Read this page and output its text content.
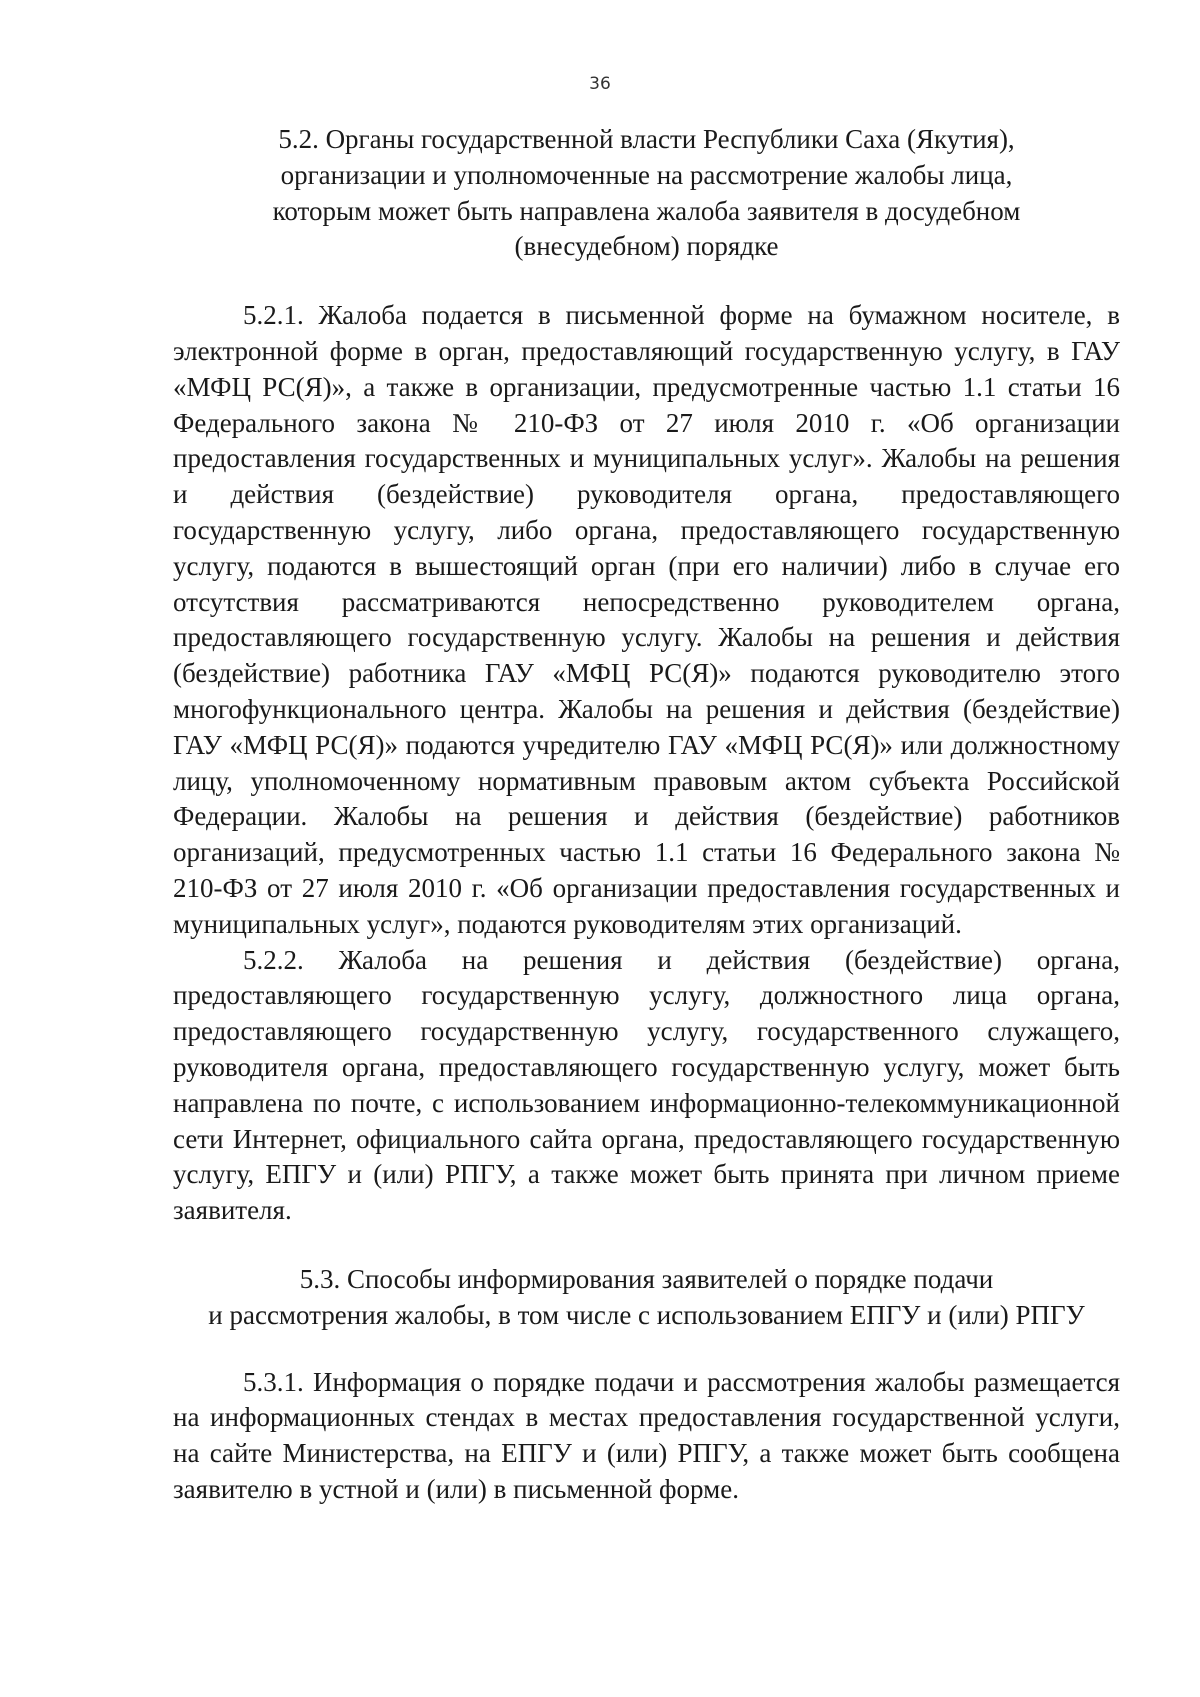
36
5.2. Органы государственной власти Республики Саха (Якутия),
организации и уполномоченные на рассмотрение жалобы лица,
которым может быть направлена жалоба заявителя в досудебном
(внесудебном) порядке

5.2.1. Жалоба подается в письменной форме на бумажном носителе, в электронной форме в орган, предоставляющий государственную услугу, в ГАУ «МФЦ РС(Я)», а также в организации, предусмотренные частью 1.1 статьи 16 Федерального закона № 210-ФЗ от 27 июля 2010 г. «Об организации предоставления государственных и муниципальных услуг». Жалобы на решения и действия (бездействие) руководителя органа, предоставляющего государственную услугу, либо органа, предоставляющего государственную услугу, подаются в вышестоящий орган (при его наличии) либо в случае его отсутствия рассматриваются непосредственно руководителем органа, предоставляющего государственную услугу. Жалобы на решения и действия (бездействие) работника ГАУ «МФЦ РС(Я)» подаются руководителю этого многофункционального центра. Жалобы на решения и действия (бездействие) ГАУ «МФЦ РС(Я)» подаются учредителю ГАУ «МФЦ РС(Я)» или должностному лицу, уполномоченному нормативным правовым актом субъекта Российской Федерации. Жалобы на решения и действия (бездействие) работников организаций, предусмотренных частью 1.1 статьи 16 Федерального закона № 210-ФЗ от 27 июля 2010 г. «Об организации предоставления государственных и муниципальных услуг», подаются руководителям этих организаций.

5.2.2. Жалоба на решения и действия (бездействие) органа, предоставляющего государственную услугу, должностного лица органа, предоставляющего государственную услугу, государственного служащего, руководителя органа, предоставляющего государственную услугу, может быть направлена по почте, с использованием информационно-телекоммуникационной сети Интернет, официального сайта органа, предоставляющего государственную услугу, ЕПГУ и (или) РПГУ, а также может быть принята при личном приеме заявителя.

5.3. Способы информирования заявителей о порядке подачи
и рассмотрения жалобы, в том числе с использованием ЕПГУ и (или) РПГУ

5.3.1. Информация о порядке подачи и рассмотрения жалобы размещается на информационных стендах в местах предоставления государственной услуги, на сайте Министерства, на ЕПГУ и (или) РПГУ, а также может быть сообщена заявителю в устной и (или) в письменной форме.
